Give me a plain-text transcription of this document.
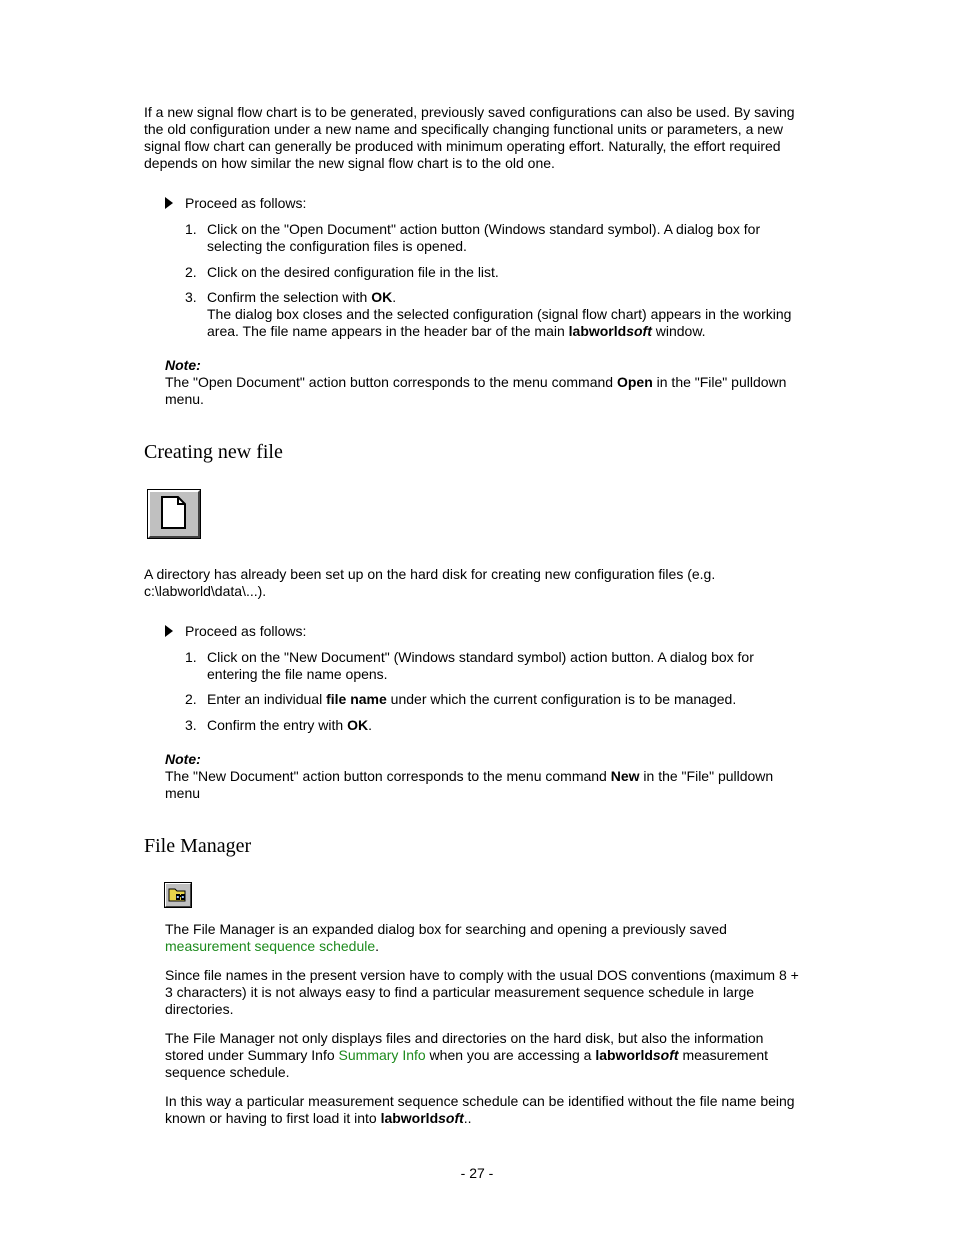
If a new signal flow chart is to be generated, previously saved configurations can also be used. By saving the old configuration under a new name and specifically changing functional units or parameters, a new signal flow chart can generally be produced with minimum operating effort. Naturally, the effort required depends on how similar the new signal flow chart is to the old one.
Proceed as follows:
1. Click on the "Open Document" action button (Windows standard symbol). A dialog box for selecting the configuration files is opened.
2. Click on the desired configuration file in the list.
3. Confirm the selection with OK.
The dialog box closes and the selected configuration (signal flow chart) appears in the working area. The file name appears in the header bar of the main labworldsoft window.
Note:
The "Open Document" action button corresponds to the menu command Open in the "File" pulldown menu.
Creating new file
A directory has already been set up on the hard disk for creating new configuration files (e.g. c:\labworld\data\...).
Proceed as follows:
1. Click on the "New Document" (Windows standard symbol) action button. A dialog box for entering the file name opens.
2. Enter an individual file name under which the current configuration is to be managed.
3. Confirm the entry with OK.
Note:
The "New Document" action button corresponds to the menu command New in the "File" pulldown menu
File Manager
The File Manager is an expanded dialog box for searching and opening a previously saved measurement sequence schedule.
Since file names in the present version have to comply with the usual DOS conventions (maximum 8 + 3 characters) it is not always easy to find a particular measurement sequence schedule in large directories.
The File Manager not only displays files and directories on the hard disk, but also the information stored under Summary Info Summary Info when you are accessing a labworldsoft measurement sequence schedule.
In this way a particular measurement sequence schedule can be identified without the file name being known or having to first load it into labworldsoft..
- 27 -
